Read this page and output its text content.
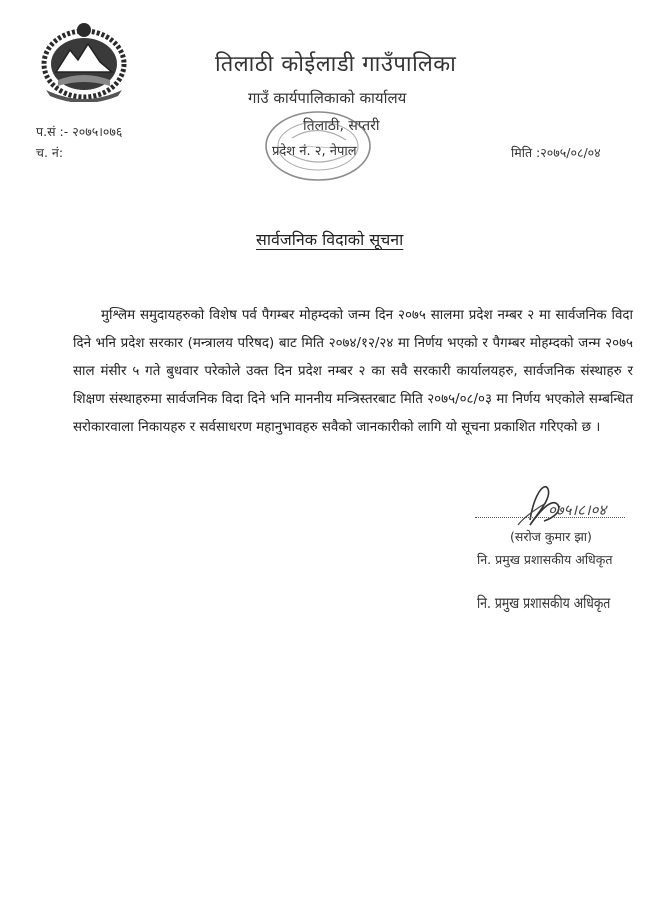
तिलाठी कोईलाडी गाउँपालिका
गाउँ कार्यपालिकाको कार्यालय
तिलाठी, सप्तरी
प्रदेश नं. २, नेपाल
प.सं :- २०७५।०७६
च. नं:	मिति :२०७५/०८/०४
सार्वजनिक विदाको सूचना
मुश्लिम समुदायहरुको विशेष पर्व पैगम्बर मोहम्दको जन्म दिन २०७५ सालमा प्रदेश नम्बर २ मा सार्वजनिक विदा दिने भनि प्रदेश सरकार (मन्त्रालय परिषद) बाट मिति २०७४/१२/२४ मा निर्णय भएको र पैगम्बर मोहम्दको जन्म २०७५ साल मंसीर ५ गते बुधवार परेकोले उक्त दिन प्रदेश नम्बर २ का सवै सरकारी कार्यालयहरु, सार्वजनिक संस्थाहरु र शिक्षण संस्थाहरुमा सार्वजनिक विदा दिने भनि माननीय मन्त्रिस्तरबाट मिति २०७५/०८/०३ मा निर्णय भएकोले सम्बन्धित सरोकारवाला निकायहरु र सर्वसाधरण महानुभावहरु सवैको जानकारीको लागि यो सूचना प्रकाशित गरिएको छ ।
०७५।८।०४
(सरोज कुमार झा)
नि. प्रमुख प्रशासकीय अधिकृत
नि. प्रमुख प्रशासकीय अधिकृत
